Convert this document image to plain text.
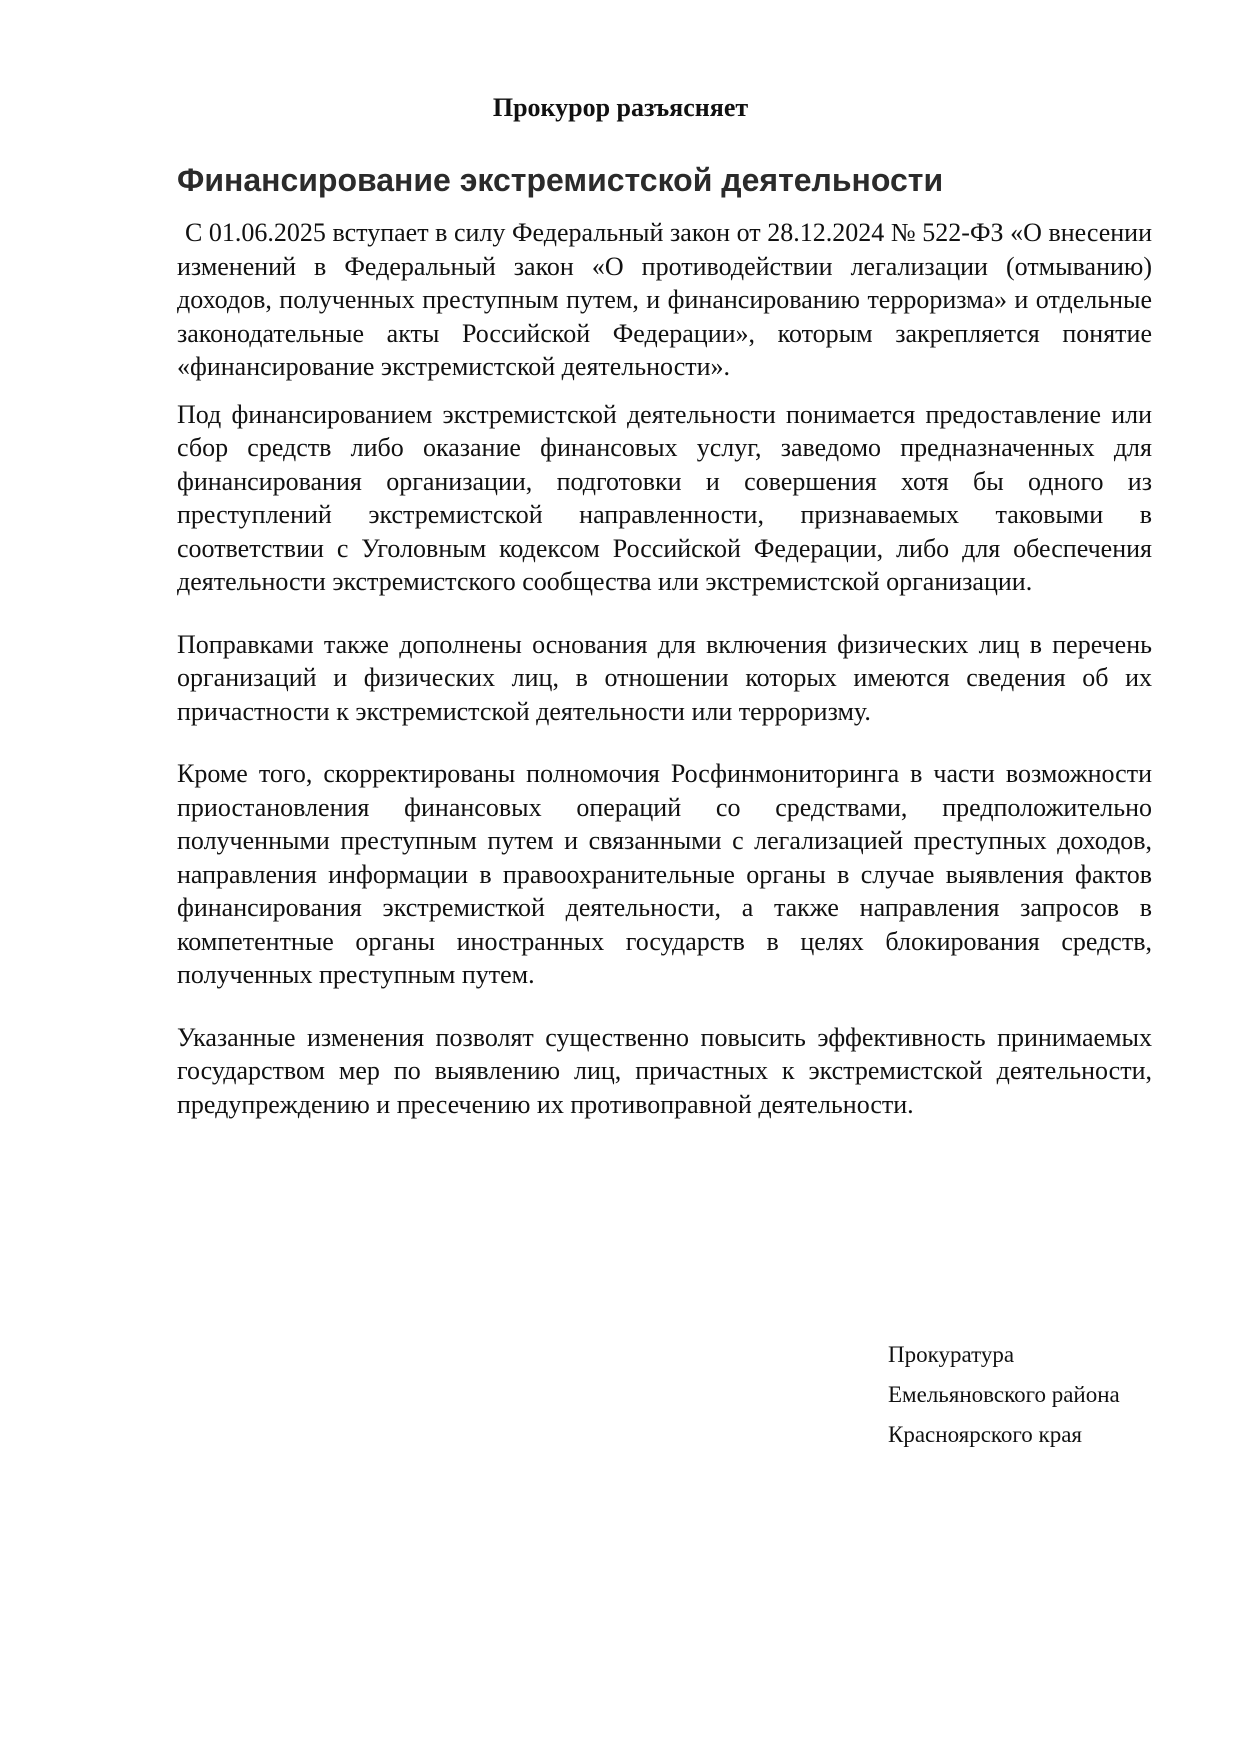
Прокурор разъясняет
Финансирование экстремистской деятельности

С 01.06.2025 вступает в силу Федеральный закон от 28.12.2024 № 522-ФЗ «О внесении изменений в Федеральный закон «О противодействии легализации (отмыванию) доходов, полученных преступным путем, и финансированию терроризма» и отдельные законодательные акты Российской Федерации», которым закрепляется понятие «финансирование экстремистской деятельности».

Под финансированием экстремистской деятельности понимается предоставление или сбор средств либо оказание финансовых услуг, заведомо предназначенных для финансирования организации, подготовки и совершения хотя бы одного из преступлений экстремистской направленности, признаваемых таковыми в соответствии с Уголовным кодексом Российской Федерации, либо для обеспечения деятельности экстремистского сообщества или экстремистской организации.

Поправками также дополнены основания для включения физических лиц в перечень организаций и физических лиц, в отношении которых имеются сведения об их причастности к экстремистской деятельности или терроризму.

Кроме того, скорректированы полномочия Росфинмониторинга в части возможности приостановления финансовых операций со средствами, предположительно полученными преступным путем и связанными с легализацией преступных доходов, направления информации в правоохранительные органы в случае выявления фактов финансирования экстремисткой деятельности, а также направления запросов в компетентные органы иностранных государств в целях блокирования средств, полученных преступным путем.

Указанные изменения позволят существенно повысить эффективность принимаемых государством мер по выявлению лиц, причастных к экстремистской деятельности, предупреждению и пресечению их противоправной деятельности.

Прокуратура
Емельяновского района
Красноярского края
